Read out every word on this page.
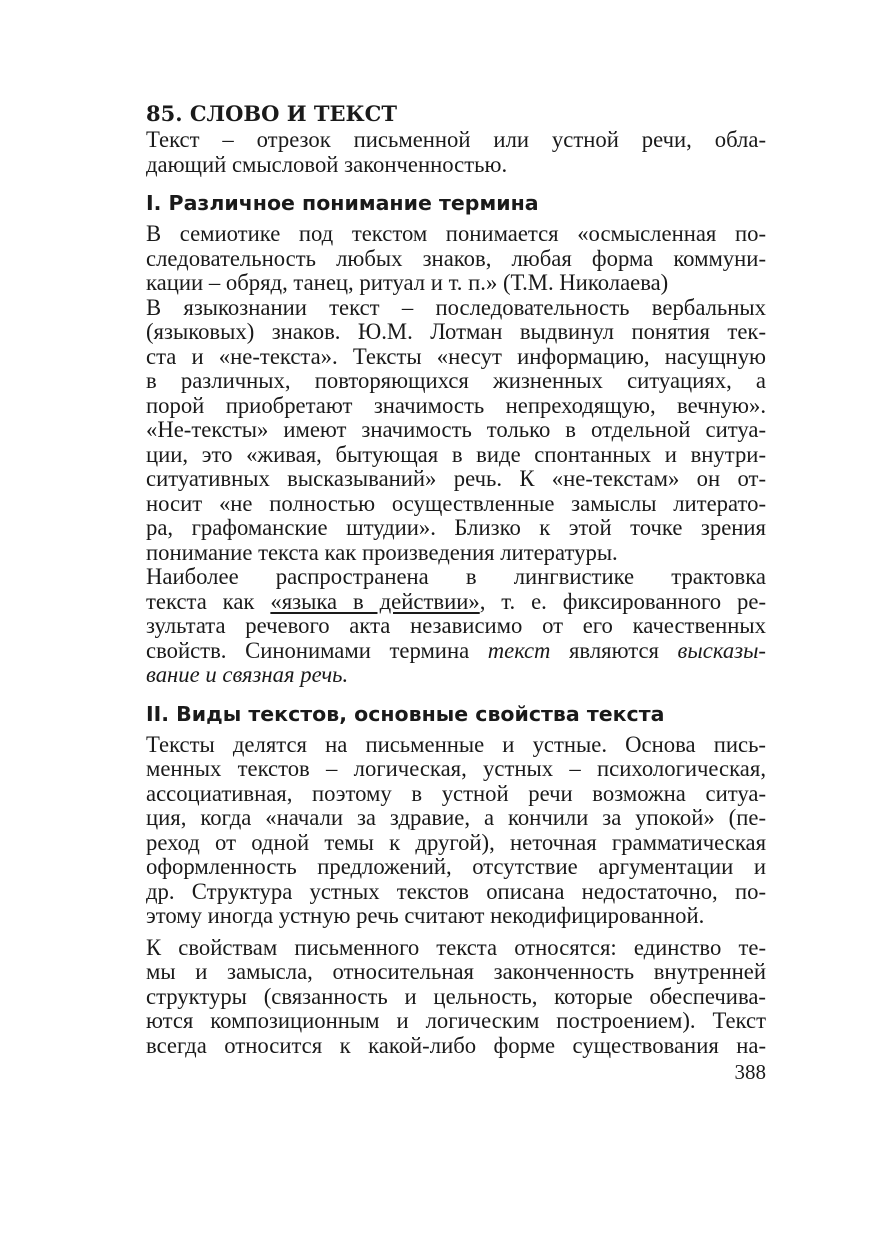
85. СЛОВО И ТЕКСТ

Текст – отрезок письменной или устной речи, обла-
дающий смысловой законченностью.

I. Различное понимание термина

В семиотике под текстом понимается «осмысленная по-
следовательность любых знаков, любая форма коммуни-
кации – обряд, танец, ритуал и т. п.» (Т.М. Николаева)

В языкознании текст – последовательность вербальных
(языковых) знаков. Ю.М. Лотман выдвинул понятия тек-
ста и «не-текста». Тексты «несут информацию, насущную
в различных, повторяющихся жизненных ситуациях, а
порой приобретают значимость непреходящую, вечную».
«Не-тексты» имеют значимость только в отдельной ситуа-
ции, это «живая, бытующая в виде спонтанных и внутри-
ситуативных высказываний» речь. К «не-текстам» он от-
носит «не полностью осуществленные замыслы литерато-
ра, графоманские штудии». Близко к этой точке зрения
понимание текста как произведения литературы.

Наиболее распространена в лингвистике трактовка
текста как «языка в действии», т. е. фиксированного ре-
зультата речевого акта независимо от его качественных
свойств. Синонимами термина текст являются высказы-
вание и связная речь.

II. Виды текстов, основные свойства текста

Тексты делятся на письменные и устные. Основа пись-
менных текстов – логическая, устных – психологическая,
ассоциативная, поэтому в устной речи возможна ситуа-
ция, когда «начали за здравие, а кончили за упокой» (пе-
реход от одной темы к другой), неточная грамматическая
оформленность предложений, отсутствие аргументации и
др. Структура устных текстов описана недостаточно, по-
этому иногда устную речь считают некодифицированной.

К свойствам письменного текста относятся: единство те-
мы и замысла, относительная законченность внутренней
структуры (связанность и цельность, которые обеспечива-
ются композиционным и логическим построением). Текст
всегда относится к какой-либо форме существования на-

388
